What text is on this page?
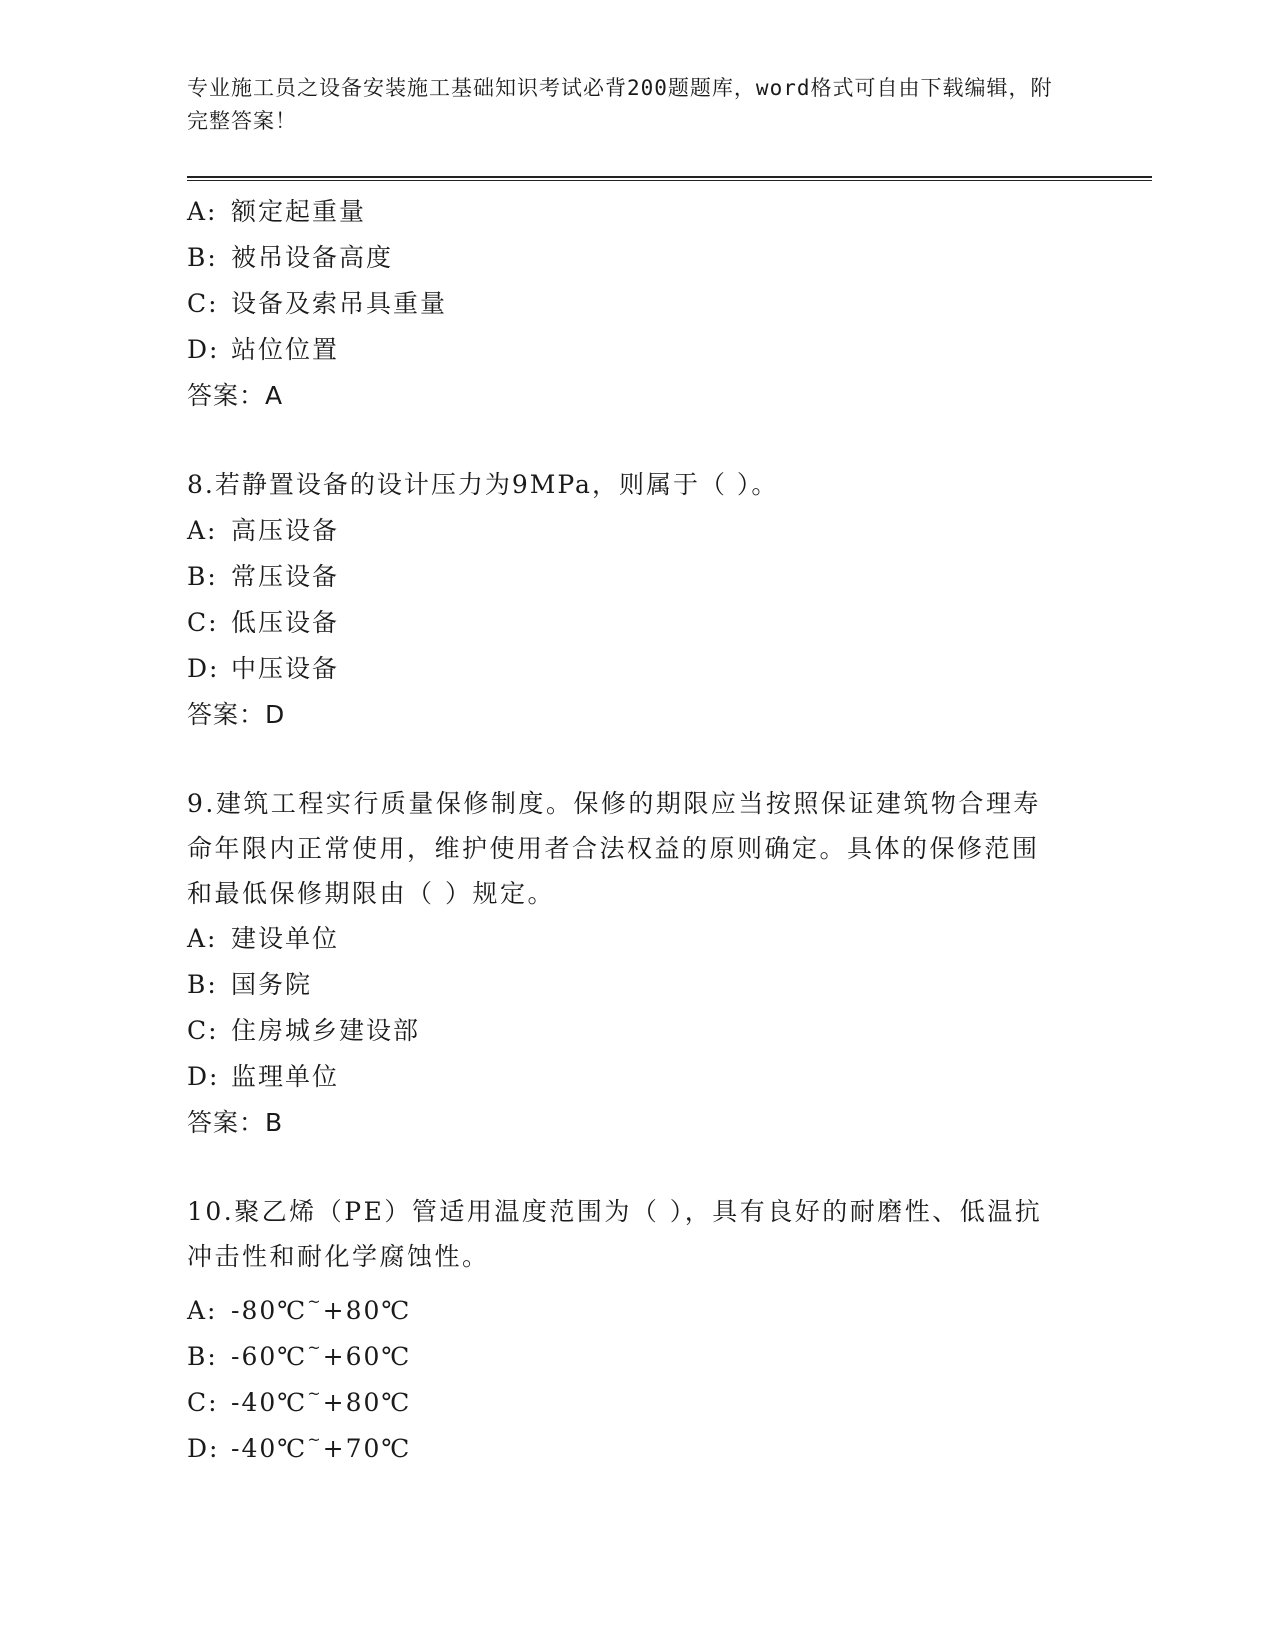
专业施工员之设备安装施工基础知识考试必背200题题库，word格式可自由下载编辑，附完整答案！

A: 额定起重量

B: 被吊设备高度

C: 设备及索吊具重量

D: 站位位置

答案：A

8.若静置设备的设计压力为9MPa，则属于（ ）。

A: 高压设备

B: 常压设备

C: 低压设备

D: 中压设备

答案：D

9.建筑工程实行质量保修制度。保修的期限应当按照保证建筑物合理寿命年限内正常使用，维护使用者合法权益的原则确定。具体的保修范围和最低保修期限由（ ）规定。

A: 建设单位

B: 国务院

C: 住房城乡建设部

D: 监理单位

答案：B

10.聚乙烯（PE）管适用温度范围为（ ），具有良好的耐磨性、低温抗冲击性和耐化学腐蚀性。

A: -80℃~+80℃

B: -60℃~+60℃

C: -40℃~+80℃

D: -40℃~+70℃
